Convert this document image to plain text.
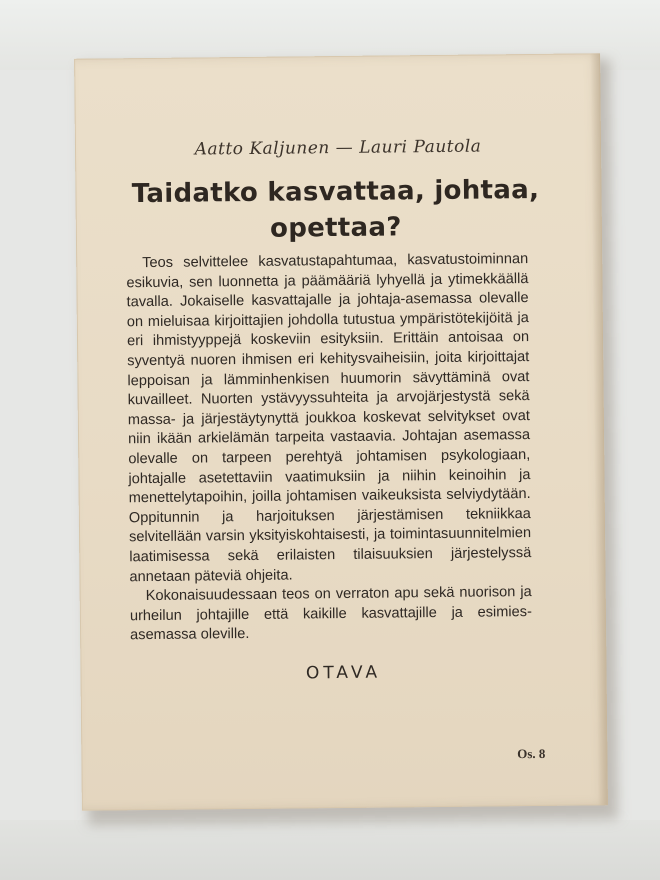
Aatto Kaljunen — Lauri Pautola
Taidatko kasvattaa, johtaa,
opettaa?

Teos selvittelee kasvatustapahtumaa, kasvatustoiminnan esikuvia, sen luonnetta ja päämääriä lyhyellä ja ytimekkäällä tavalla. Jokaiselle kasvattajalle ja johtaja-asemassa olevalle on mieluisaa kirjoittajien johdolla tutustua ympäristötekijöitä ja eri ihmistyyppejä koskeviin esityksiin. Erittäin antoisaa on syventyä nuoren ihmisen eri kehitysvaiheisiin, joita kirjoittajat leppoisan ja lämminhenkisen huumorin sävyttäminä ovat kuvailleet. Nuorten ystävyyssuhteita ja arvojärjestystä sekä massa- ja järjestäytynyttä joukkoa koskevat selvitykset ovat niin ikään arkielämän tarpeita vastaavia. Johtajan asemassa olevalle on tarpeen perehtyä johtamisen psykologiaan, johtajalle asetettaviin vaatimuksiin ja niihin keinoihin ja menettelytapoihin, joilla johtamisen vaikeuksista selviydytään. Oppitunnin ja harjoituksen järjestämisen tekniikkaa selvitellään varsin yksityiskohtaisesti, ja toimintasuunnitelmien laatimisessa sekä erilaisten tilaisuuksien järjestelyssä annetaan päteviä ohjeita.

Kokonaisuudessaan teos on verraton apu sekä nuorison ja urheilun johtajille että kaikille kasvattajille ja esimies-asemassa oleville.

OTAVA
Os. 8
